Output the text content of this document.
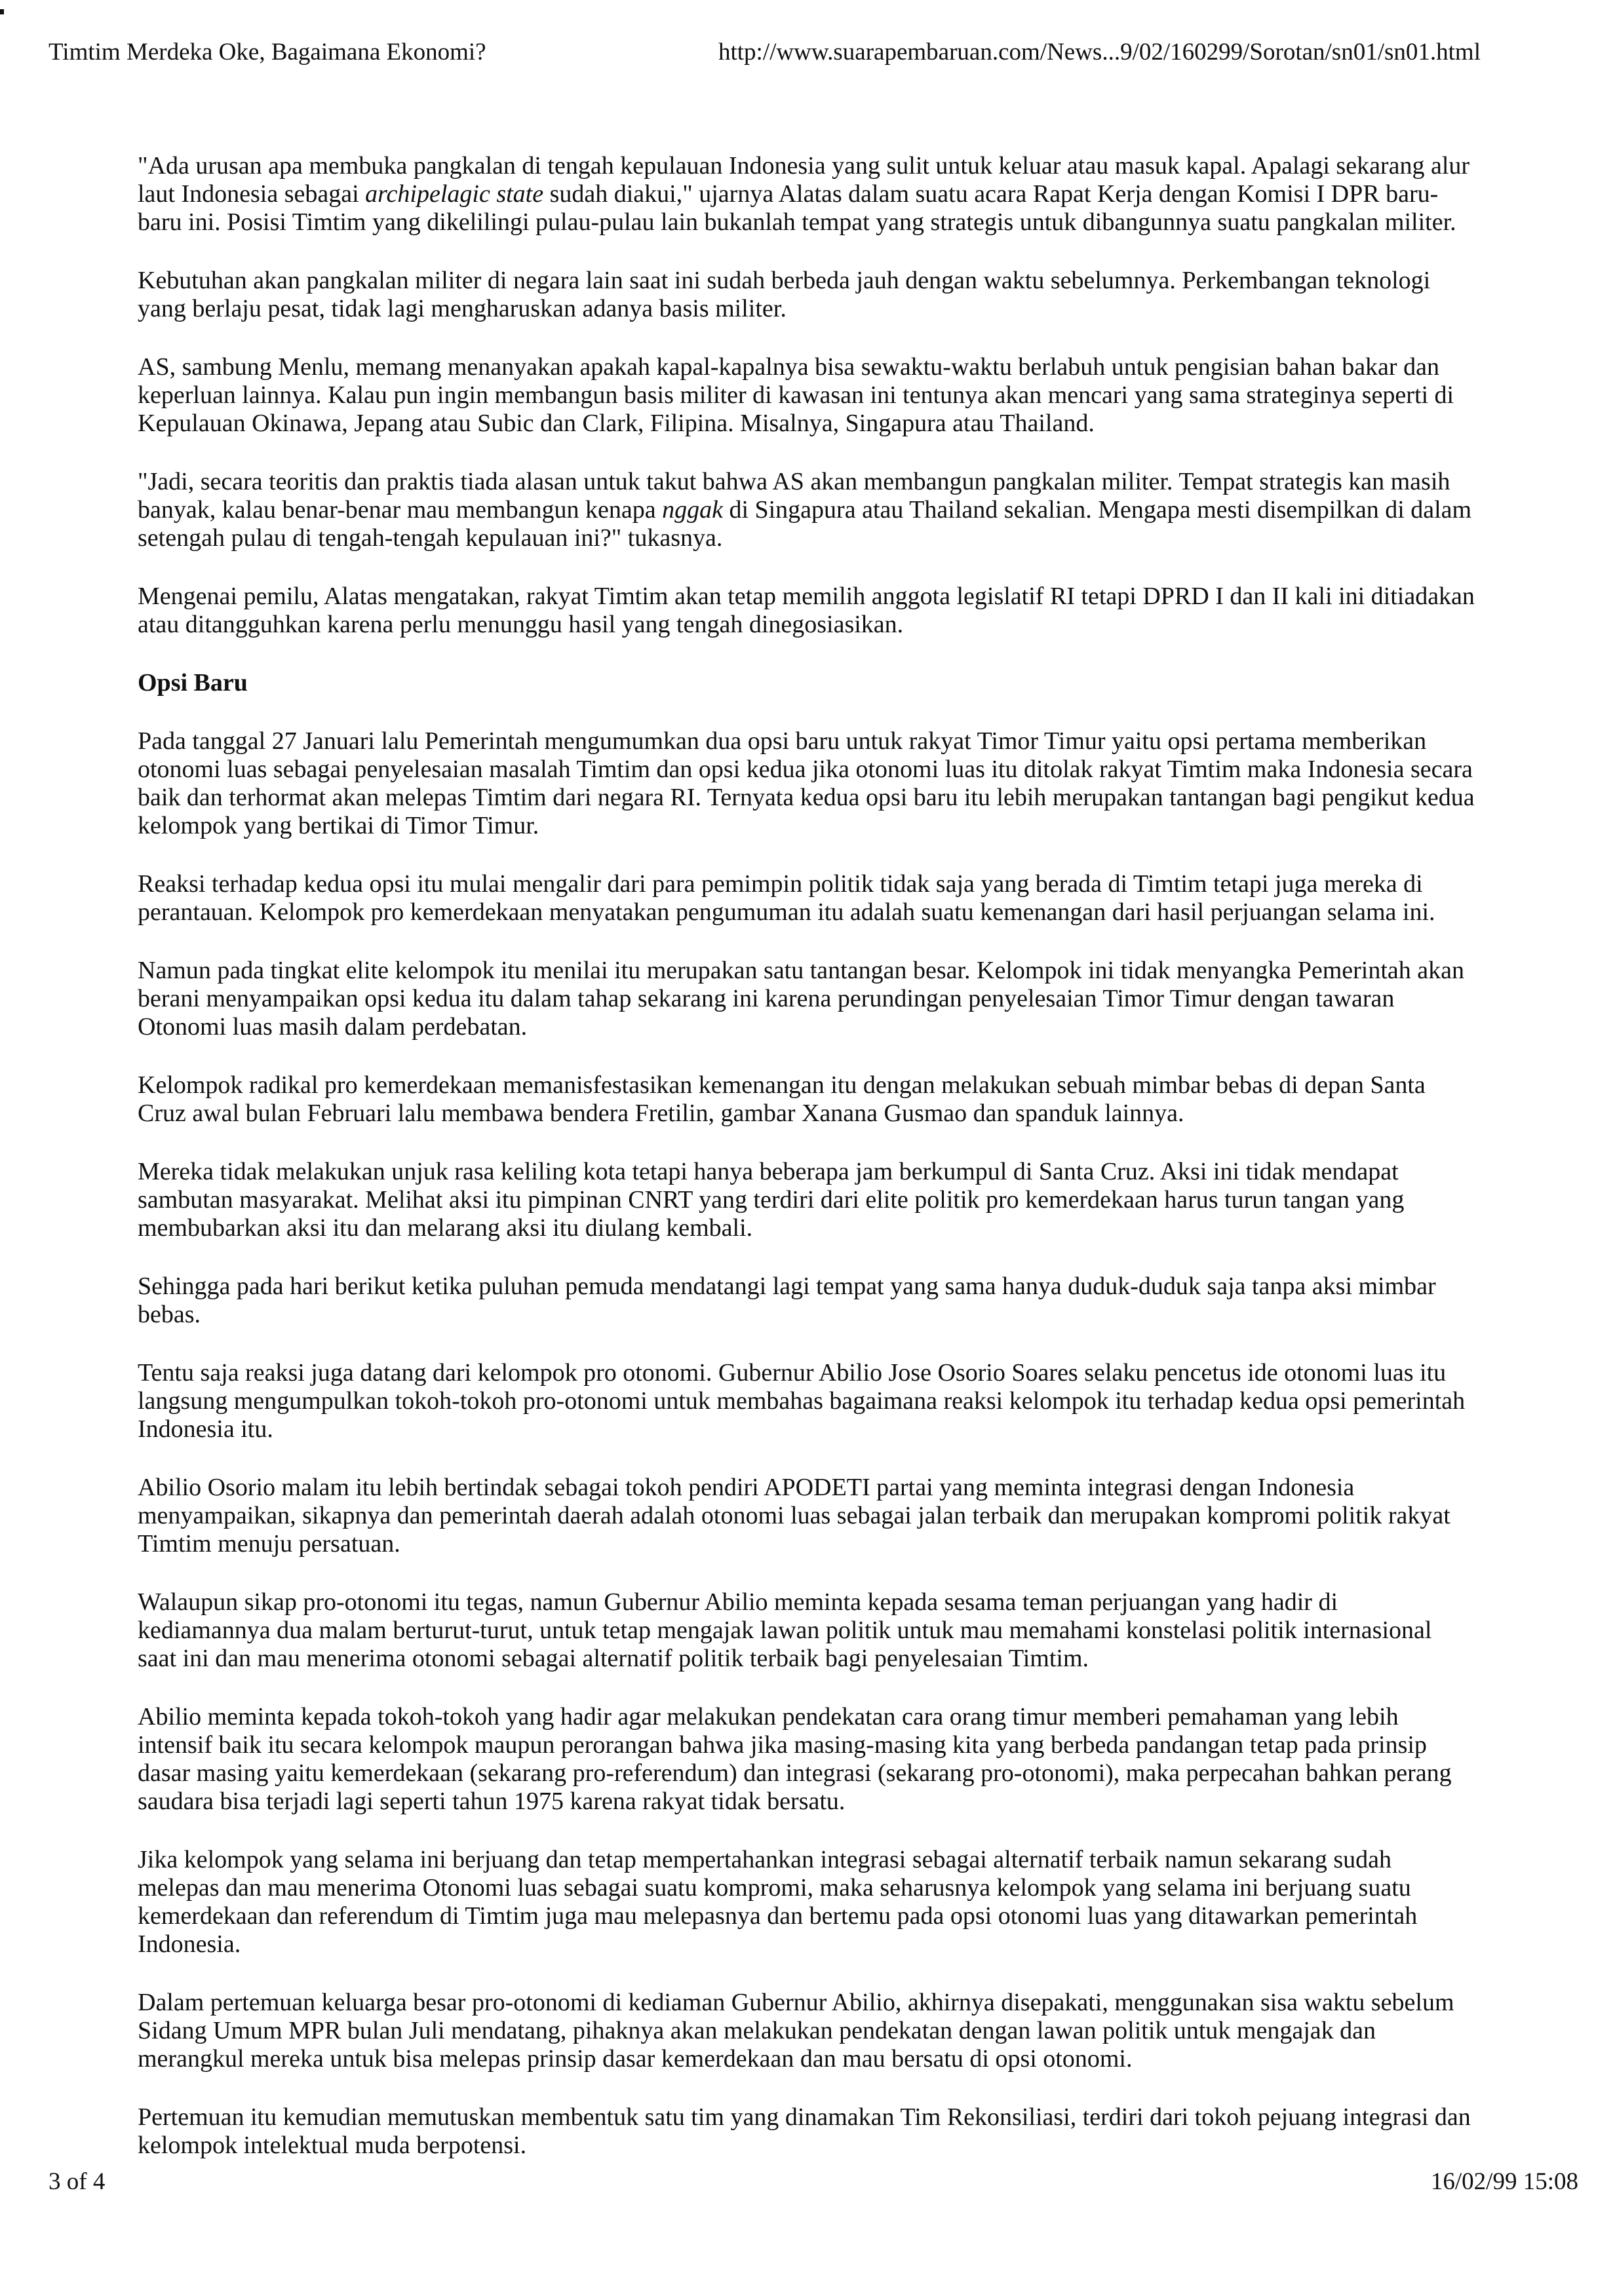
Timtim Merdeka Oke, Bagaimana Ekonomi?	http://www.suarapembaruan.com/News...9/02/160299/Sorotan/sn01/sn01.html

"Ada urusan apa membuka pangkalan di tengah kepulauan Indonesia yang sulit untuk keluar atau masuk kapal. Apalagi sekarang alur laut Indonesia sebagai archipelagic state sudah diakui," ujarnya Alatas dalam suatu acara Rapat Kerja dengan Komisi I DPR baru-baru ini. Posisi Timtim yang dikelilingi pulau-pulau lain bukanlah tempat yang strategis untuk dibangunnya suatu pangkalan militer.

Kebutuhan akan pangkalan militer di negara lain saat ini sudah berbeda jauh dengan waktu sebelumnya. Perkembangan teknologi yang berlaju pesat, tidak lagi mengharuskan adanya basis militer.

AS, sambung Menlu, memang menanyakan apakah kapal-kapalnya bisa sewaktu-waktu berlabuh untuk pengisian bahan bakar dan keperluan lainnya. Kalau pun ingin membangun basis militer di kawasan ini tentunya akan mencari yang sama strateginya seperti di Kepulauan Okinawa, Jepang atau Subic dan Clark, Filipina. Misalnya, Singapura atau Thailand.

"Jadi, secara teoritis dan praktis tiada alasan untuk takut bahwa AS akan membangun pangkalan militer. Tempat strategis kan masih banyak, kalau benar-benar mau membangun kenapa nggak di Singapura atau Thailand sekalian. Mengapa mesti disempilkan di dalam setengah pulau di tengah-tengah kepulauan ini?" tukasnya.

Mengenai pemilu, Alatas mengatakan, rakyat Timtim akan tetap memilih anggota legislatif RI tetapi DPRD I dan II kali ini ditiadakan atau ditangguhkan karena perlu menunggu hasil yang tengah dinegosiasikan.

Opsi Baru

Pada tanggal 27 Januari lalu Pemerintah mengumumkan dua opsi baru untuk rakyat Timor Timur yaitu opsi pertama memberikan otonomi luas sebagai penyelesaian masalah Timtim dan opsi kedua jika otonomi luas itu ditolak rakyat Timtim maka Indonesia secara baik dan terhormat akan melepas Timtim dari negara RI. Ternyata kedua opsi baru itu lebih merupakan tantangan bagi pengikut kedua kelompok yang bertikai di Timor Timur.

Reaksi terhadap kedua opsi itu mulai mengalir dari para pemimpin politik tidak saja yang berada di Timtim tetapi juga mereka di perantauan. Kelompok pro kemerdekaan menyatakan pengumuman itu adalah suatu kemenangan dari hasil perjuangan selama ini.

Namun pada tingkat elite kelompok itu menilai itu merupakan satu tantangan besar. Kelompok ini tidak menyangka Pemerintah akan berani menyampaikan opsi kedua itu dalam tahap sekarang ini karena perundingan penyelesaian Timor Timur dengan tawaran Otonomi luas masih dalam perdebatan.

Kelompok radikal pro kemerdekaan memanisfestasikan kemenangan itu dengan melakukan sebuah mimbar bebas di depan Santa Cruz awal bulan Februari lalu membawa bendera Fretilin, gambar Xanana Gusmao dan spanduk lainnya.

Mereka tidak melakukan unjuk rasa keliling kota tetapi hanya beberapa jam berkumpul di Santa Cruz. Aksi ini tidak mendapat sambutan masyarakat. Melihat aksi itu pimpinan CNRT yang terdiri dari elite politik pro kemerdekaan harus turun tangan yang membubarkan aksi itu dan melarang aksi itu diulang kembali.

Sehingga pada hari berikut ketika puluhan pemuda mendatangi lagi tempat yang sama hanya duduk-duduk saja tanpa aksi mimbar bebas.

Tentu saja reaksi juga datang dari kelompok pro otonomi. Gubernur Abilio Jose Osorio Soares selaku pencetus ide otonomi luas itu langsung mengumpulkan tokoh-tokoh pro-otonomi untuk membahas bagaimana reaksi kelompok itu terhadap kedua opsi pemerintah Indonesia itu.

Abilio Osorio malam itu lebih bertindak sebagai tokoh pendiri APODETI partai yang meminta integrasi dengan Indonesia menyampaikan, sikapnya dan pemerintah daerah adalah otonomi luas sebagai jalan terbaik dan merupakan kompromi politik rakyat Timtim menuju persatuan.

Walaupun sikap pro-otonomi itu tegas, namun Gubernur Abilio meminta kepada sesama teman perjuangan yang hadir di kediamannya dua malam berturut-turut, untuk tetap mengajak lawan politik untuk mau memahami konstelasi politik internasional saat ini dan mau menerima otonomi sebagai alternatif politik terbaik bagi penyelesaian Timtim.

Abilio meminta kepada tokoh-tokoh yang hadir agar melakukan pendekatan cara orang timur memberi pemahaman yang lebih intensif baik itu secara kelompok maupun perorangan bahwa jika masing-masing kita yang berbeda pandangan tetap pada prinsip dasar masing yaitu kemerdekaan (sekarang pro-referendum) dan integrasi (sekarang pro-otonomi), maka perpecahan bahkan perang saudara bisa terjadi lagi seperti tahun 1975 karena rakyat tidak bersatu.

Jika kelompok yang selama ini berjuang dan tetap mempertahankan integrasi sebagai alternatif terbaik namun sekarang sudah melepas dan mau menerima Otonomi luas sebagai suatu kompromi, maka seharusnya kelompok yang selama ini berjuang suatu kemerdekaan dan referendum di Timtim juga mau melepasnya dan bertemu pada opsi otonomi luas yang ditawarkan pemerintah Indonesia.

Dalam pertemuan keluarga besar pro-otonomi di kediaman Gubernur Abilio, akhirnya disepakati, menggunakan sisa waktu sebelum Sidang Umum MPR bulan Juli mendatang, pihaknya akan melakukan pendekatan dengan lawan politik untuk mengajak dan merangkul mereka untuk bisa melepas prinsip dasar kemerdekaan dan mau bersatu di opsi otonomi.

Pertemuan itu kemudian memutuskan membentuk satu tim yang dinamakan Tim Rekonsiliasi, terdiri dari tokoh pejuang integrasi dan kelompok intelektual muda berpotensi.

3 of 4	16/02/99 15:08
